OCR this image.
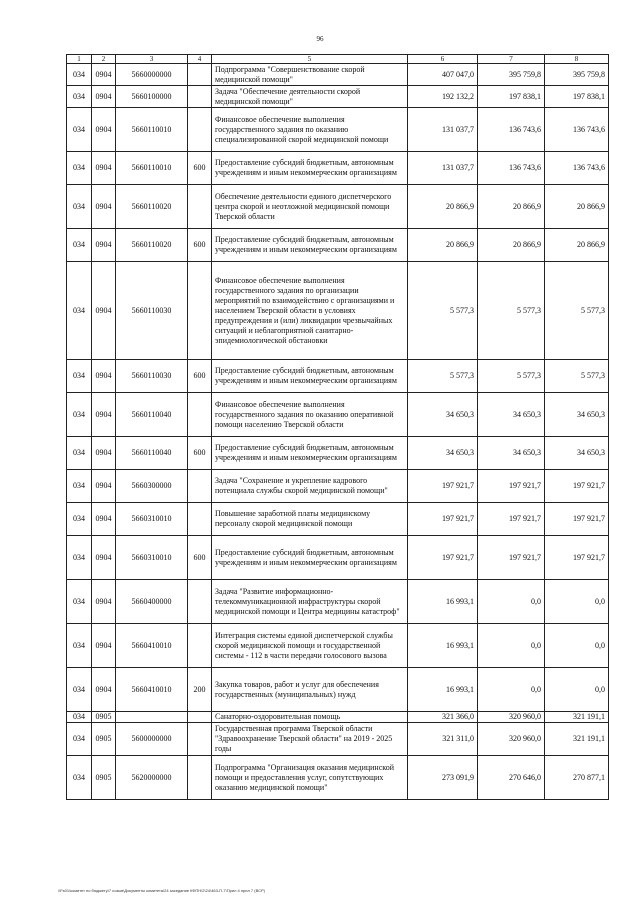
96
1	2	3	4	5	6	7	8
034	0904	5660000000		Подпрограмма "Совершенствование скорой медицинской помощи"	407 047,0	395 759,8	395 759,8
034	0904	5660100000		Задача "Обеспечение деятельности скорой медицинской помощи"	192 132,2	197 838,1	197 838,1
034	0904	5660110010		Финансовое обеспечение выполнения государственного задания по оказанию специализированной скорой медицинской помощи	131 037,7	136 743,6	136 743,6
034	0904	5660110010	600	Предоставление субсидий бюджетным, автономным учреждениям и иным некоммерческим организациям	131 037,7	136 743,6	136 743,6
034	0904	5660110020		Обеспечение деятельности единого диспетчерского центра скорой и неотложной медицинской помощи Тверской области	20 866,9	20 866,9	20 866,9
034	0904	5660110020	600	Предоставление субсидий бюджетным, автономным учреждениям и иным некоммерческим организациям	20 866,9	20 866,9	20 866,9
034	0904	5660110030		Финансовое обеспечение выполнения государственного задания по организации мероприятий по взаимодействию с организациями и населением Тверской области в условиях предупреждения и (или) ликвидации чрезвычайных ситуаций и неблагоприятной санитарно-эпидемиологической обстановки	5 577,3	5 577,3	5 577,3
034	0904	5660110030	600	Предоставление субсидий бюджетным, автономным учреждениям и иным некоммерческим организациям	5 577,3	5 577,3	5 577,3
034	0904	5660110040		Финансовое обеспечение выполнения государственного задания по оказанию оперативной помощи населению Тверской области	34 650,3	34 650,3	34 650,3
034	0904	5660110040	600	Предоставление субсидий бюджетным, автономным учреждениям и иным некоммерческим организациям	34 650,3	34 650,3	34 650,3
034	0904	5660300000		Задача "Сохранение и укрепление кадрового потенциала службы скорой медицинской помощи"	197 921,7	197 921,7	197 921,7
034	0904	5660310010		Повышение заработной платы медицинскому персоналу скорой медицинской помощи	197 921,7	197 921,7	197 921,7
034	0904	5660310010	600	Предоставление субсидий бюджетным, автономным учреждениям и иным некоммерческим организациям	197 921,7	197 921,7	197 921,7
034	0904	5660400000		Задача "Развитие информационно-телекоммуникационной инфраструктуры скорой медицинской помощи и Центра медицины катастроф"	16 993,1	0,0	0,0
034	0904	5660410010		Интеграция системы единой диспетчерской службы скорой медицинской помощи и государственной системы - 112 в части передачи голосового вызова	16 993,1	0,0	0,0
034	0904	5660410010	200	Закупка товаров, работ и услуг для обеспечения государственных (муниципальных) нужд	16 993,1	0,0	0,0
034	0905			Санаторно-оздоровительная помощь	321 366,0	320 960,0	321 191,1
034	0905	5600000000		Государственная программа Тверской области "Здравоохранение Тверской области" на 2019 - 2025 годы	321 311,0	320 960,0	321 191,1
034	0905	5620000000		Подпрограмма "Организация оказания медицинской помощи и предоставления услуг, сопутствующих оказанию медицинской помощи"	273 091,9	270 646,0	270 877,1
\\Fs01\комитет по бюджету\7 созыв\Документы комитета\24 заседание КФПН\2\24\463-П-7\Прил 4 прил 7 (ВСР)
